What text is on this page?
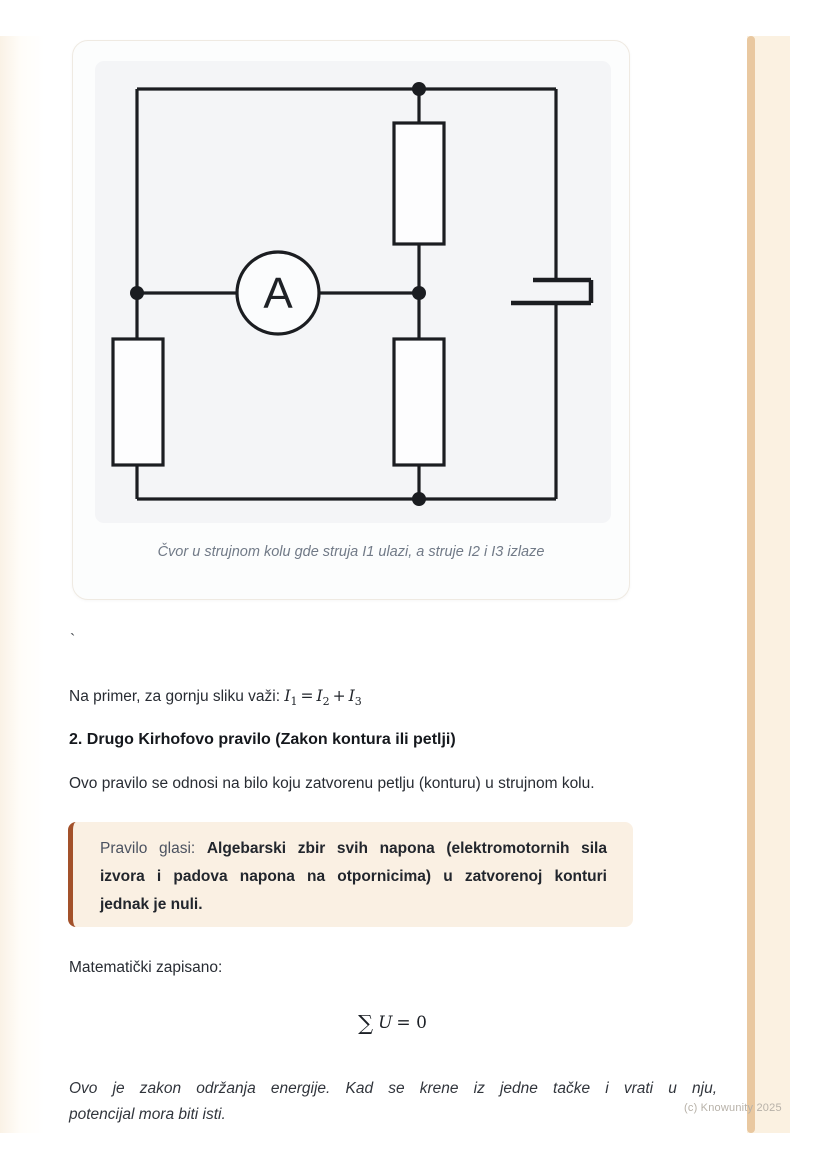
A
Čvor u strujnom kolu gde struja I1 ulazi, a struje I2 i I3 izlaze
`

Na primer, za gornju sliku važi: $I_1 = I_2 + I_3$

2. Drugo Kirhofovo pravilo (Zakon kontura ili petlji)

Ovo pravilo se odnosi na bilo koju zatvorenu petlju (konturu) u strujnom kolu.

Pravilo glasi: Algebarski zbir svih napona (elektromotornih sila
izvora i padova napona na otpornicima) u zatvorenoj konturi
jednak je nuli.

Matematički zapisano:

∑ U = 0

Ovo je zakon održanja energije. Kad se krene iz jedne tačke i vrati u nju,
potencijal mora biti isti.	(c) Knowunity 2025
